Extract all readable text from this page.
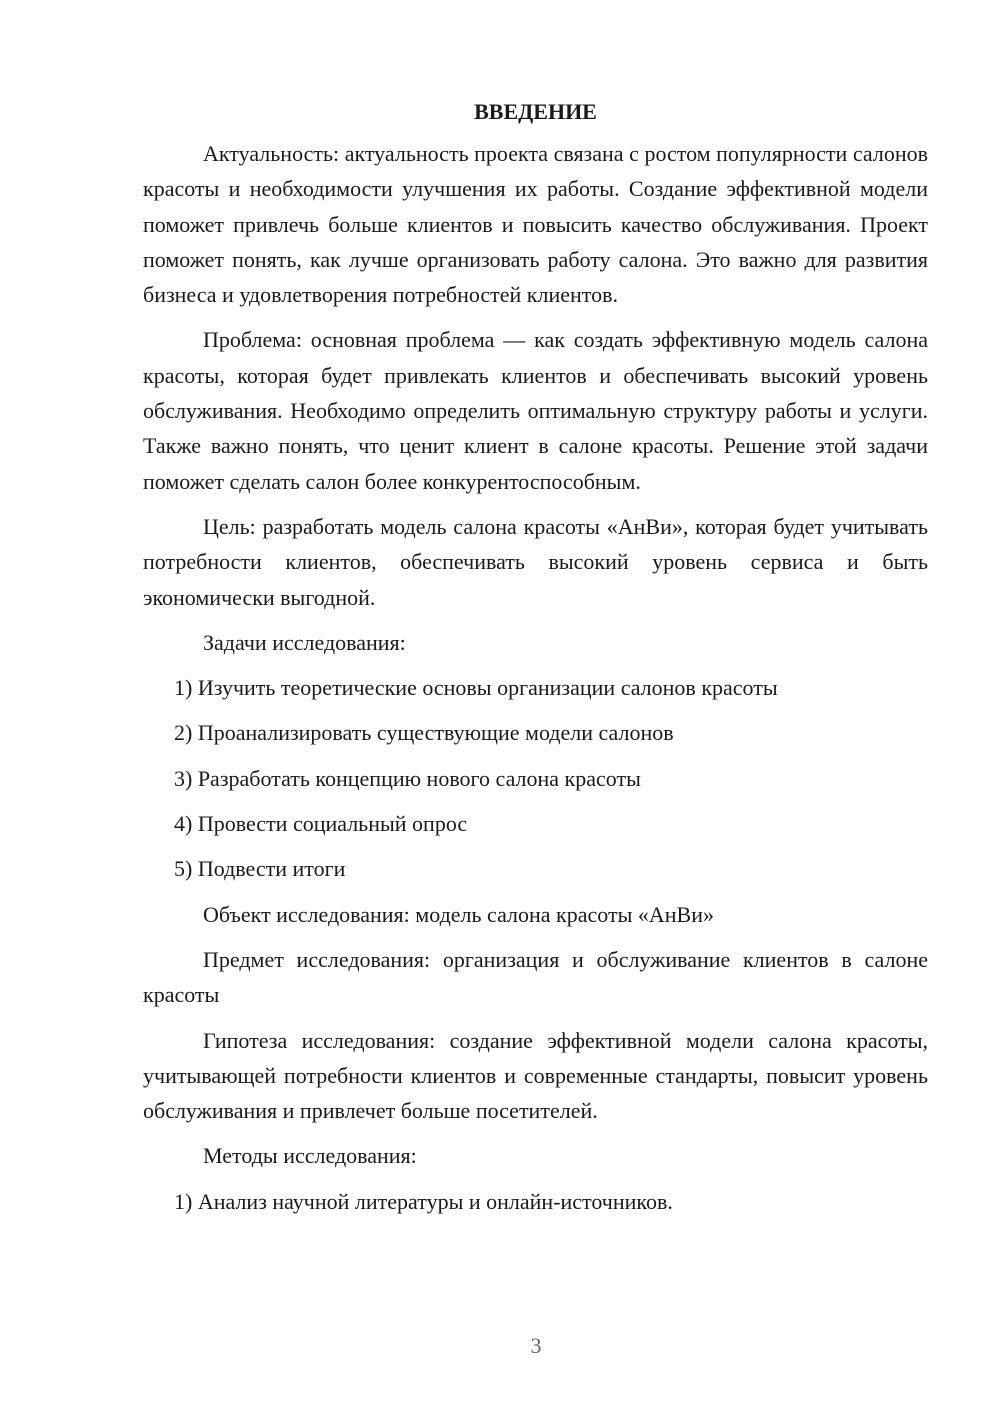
ВВЕДЕНИЕ

Актуальность: актуальность проекта связана с ростом популярности салонов красоты и необходимости улучшения их работы. Создание эффективной модели поможет привлечь больше клиентов и повысить качество обслуживания. Проект поможет понять, как лучше организовать работу салона. Это важно для развития бизнеса и удовлетворения потребностей клиентов.

Проблема: основная проблема — как создать эффективную модель салона красоты, которая будет привлекать клиентов и обеспечивать высокий уровень обслуживания. Необходимо определить оптимальную структуру работы и услуги. Также важно понять, что ценит клиент в салоне красоты. Решение этой задачи поможет сделать салон более конкурентоспособным.

Цель: разработать модель салона красоты «АнВи», которая будет учитывать потребности клиентов, обеспечивать высокий уровень сервиса и быть экономически выгодной.

Задачи исследования:

1) Изучить теоретические основы организации салонов красоты

2) Проанализировать существующие модели салонов

3) Разработать концепцию нового салона красоты

4) Провести социальный опрос

5) Подвести итоги

Объект исследования: модель салона красоты «АнВи»

Предмет исследования: организация и обслуживание клиентов в салоне красоты

Гипотеза исследования: создание эффективной модели салона красоты, учитывающей потребности клиентов и современные стандарты, повысит уровень обслуживания и привлечет больше посетителей.

Методы исследования:

1) Анализ научной литературы и онлайн-источников.

3
